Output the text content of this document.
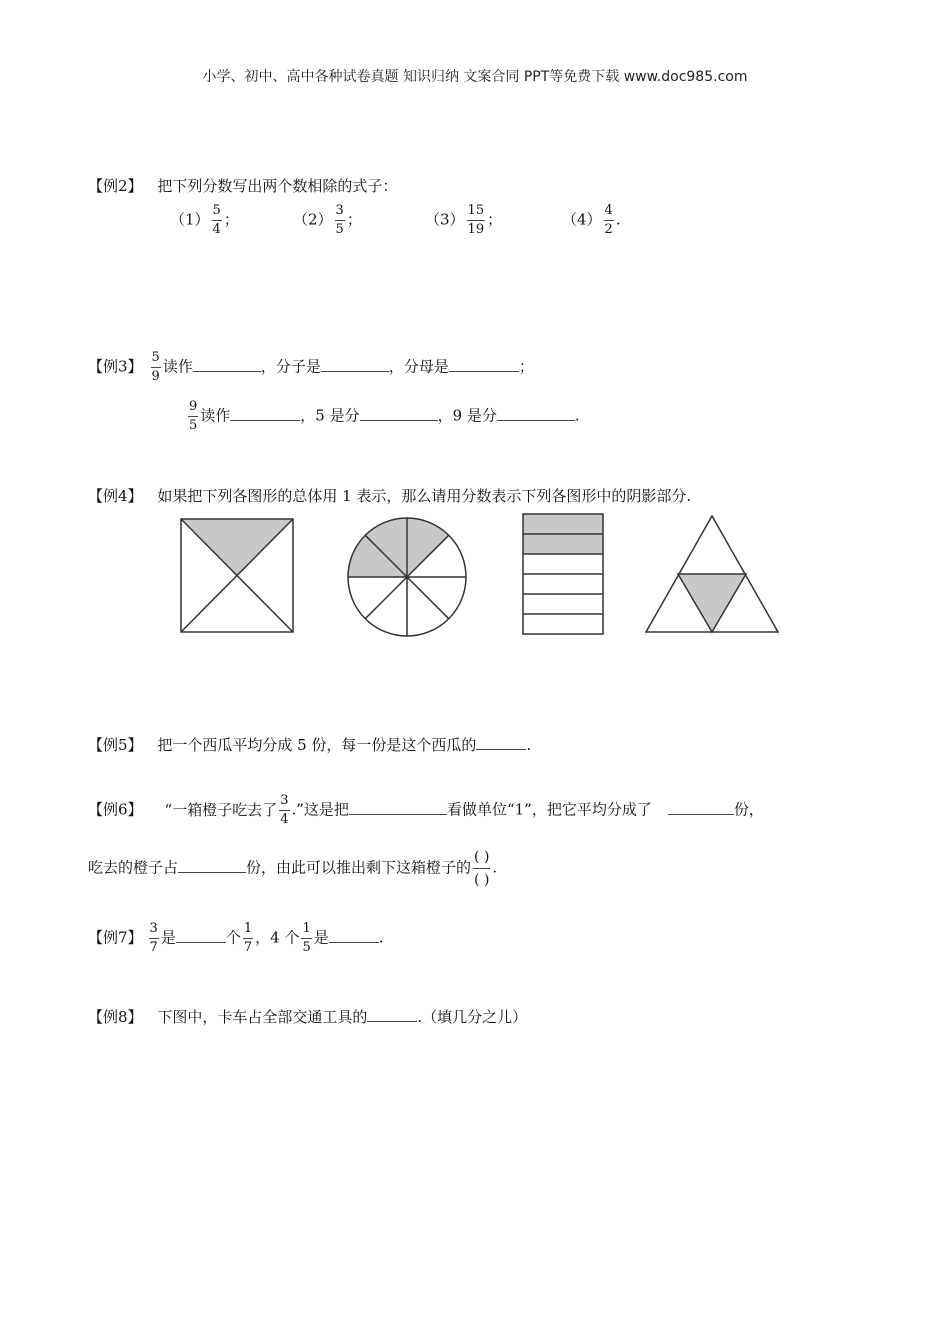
小学、初中、高中各种试卷真题 知识归纳 文案合同 PPT等免费下载 www.doc985.com
【例2】 把下列分数写出两个数相除的式子：
$(1) \frac{5}{4}$ ；	$(2) \frac{3}{5}$ ；	$(3) \frac{15}{19}$ ；	$(4) \frac{4}{2}$ .
【例3】 $\frac{5}{9}$ 读作	，分子是	，分母是	；
$\frac{9}{5}$ 读作	，5 是分	，9 是分	.
【例4】 如果把下列各图形的总体用 1 表示，那么请用分数表示下列各图形中的阴影部分.
【例5】 把一个西瓜平均分成 5 份，每一份是这个西瓜的	.
【例6】 “一箱橙子吃去了 $\frac{3}{4}$ .”这是把	看做单位“1”，把它平均分成了	份，
吃去的橙子占	份，由此可以推出剩下这箱橙子的 $\frac{( )}{( )}$ .
【例7】 $\frac{3}{7}$ 是	个 $\frac{1}{7}$ ，4 个 $\frac{1}{5}$ 是	.
【例8】 下图中，卡车占全部交通工具的	.（填几分之儿）
